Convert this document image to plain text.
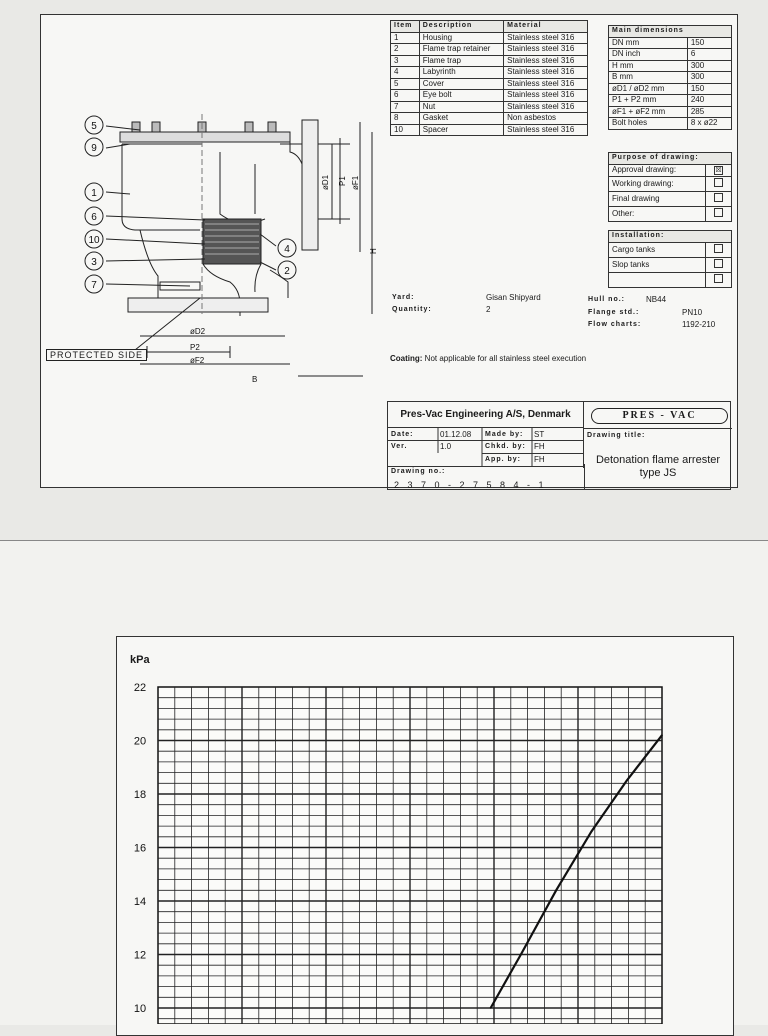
5
9
1
6
10
3
7
4
2
øD2
P2
øF2
B
øD1 P1 øF1
H
PROTECTED SIDE
Item	Description	Material
1	Housing	Stainless steel 316
2	Flame trap retainer	Stainless steel 316
3	Flame trap	Stainless steel 316
4	Labyrinth	Stainless steel 316
5	Cover	Stainless steel 316
6	Eye bolt	Stainless steel 316
7	Nut	Stainless steel 316
8	Gasket	Non asbestos
10	Spacer	Stainless steel 316
Main dimensions	
DN mm	150
DN inch	6
H mm	300
B mm	300
øD1 / øD2 mm	150
P1 + P2 mm	240
øF1 + øF2 mm	285
Bolt holes	8 x ø22
Purpose of drawing:	
Approval drawing:	☒
Working drawing:	
Final drawing	
Other:	
Installation:	
Cargo tanks	
Slop tanks	

Yard:	Gisan Shipyard
Quantity:	2
Hull no.:	NB44
Flange std.:	PN10
Flow charts:	1192-210
Coating: Not applicable for all stainless steel execution
Pres-Vac Engineering A/S, Denmark	PRES - VAC
Date:	01.12.08 Made by: ST
Ver.	1.0	Chkd. by: FH
App. by: FH
Drawing no.:
2 3 7 0 - 2 7 5 8 4 - 1
Drawing title:
Detonation flame arrester
type JS
kPa
22
20
18
16
14
12
10
